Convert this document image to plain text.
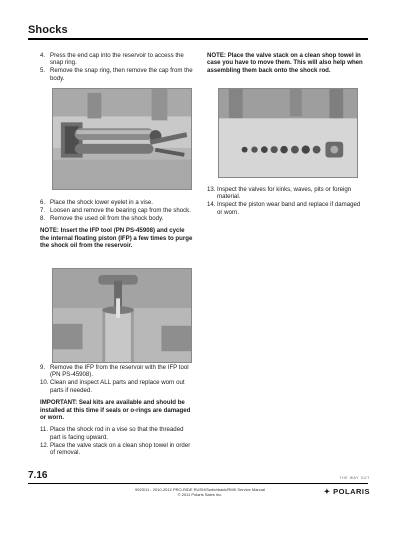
Shocks
4. Press the end cap into the reservoir to access the snap ring.
5. Remove the snap ring, then remove the cap from the body.
6. Place the shock lower eyelet in a vise.
7. Loosen and remove the bearing cap from the shock.
8. Remove the used oil from the shock body.

NOTE: Insert the IFP tool (PN PS-45908) and cycle the internal floating piston (IFP) a few times to purge the shock oil from the reservoir.

9. Remove the IFP from the reservoir with the IFP tool (PN PS-45908).
10. Clean and inspect ALL parts and replace worn out parts if needed.

IMPORTANT: Seal kits are available and should be installed at this time if seals or o-rings are damaged or worn.

11. Place the shock rod in a vise so that the threaded part is facing upward.
12. Place the valve stack on a clean shop towel in order of removal.

NOTE: Place the valve stack on a clean shop towel in case you have to move them. This will also help when assembling them back onto the shock rod.

13. Inspect the valves for kinks, waves, pits or foreign material.
14. Inspect the piston wear band and replace if damaged or worn.
7.16
9923/11 - 2010-2012 PRO-RIDE RUSH/Switchback/RMK Service Manual
© 2011 Polaris Sales Inc.
THE WAY OUT
✦ POLARIS
